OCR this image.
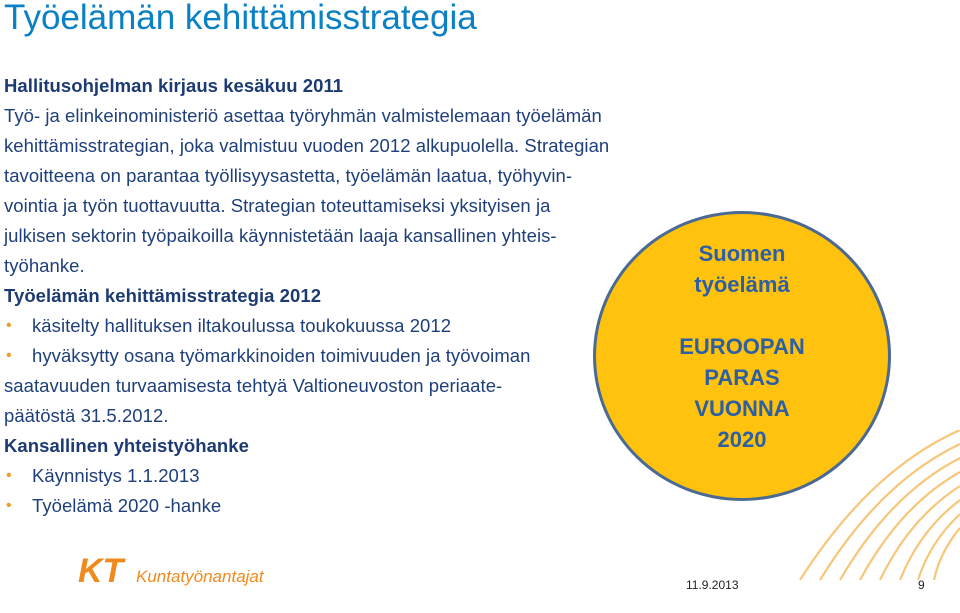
Työelämän kehittämisstrategia
Hallitusohjelman kirjaus kesäkuu 2011
Työ- ja elinkeinoministeriö asettaa työryhmän valmistelemaan työelämän
kehittämisstrategian, joka valmistuu vuoden 2012 alkupuolella. Strategian
tavoitteena on parantaa työllisyysastetta, työelämän laatua, työhyvin-
vointia ja työn tuottavuutta. Strategian toteuttamiseksi yksityisen ja
julkisen sektorin työpaikoilla käynnistetään laaja kansallinen yhteis-
työhanke.
Työelämän kehittämisstrategia 2012
• käsitelty hallituksen iltakoulussa toukokuussa 2012
• hyväksytty osana työmarkkinoiden toimivuuden ja työvoiman
saatavuuden turvaamisesta tehtyä Valtioneuvoston periaate-
päätöstä 31.5.2012.
Kansallinen yhteistyöhanke
• Käynnistys 1.1.2013
• Työelämä 2020 -hanke
Suomen
työelämä
EUROOPAN
PARAS
VUONNA
2020
KT Kuntatyönantajat	11.9.2013	9
